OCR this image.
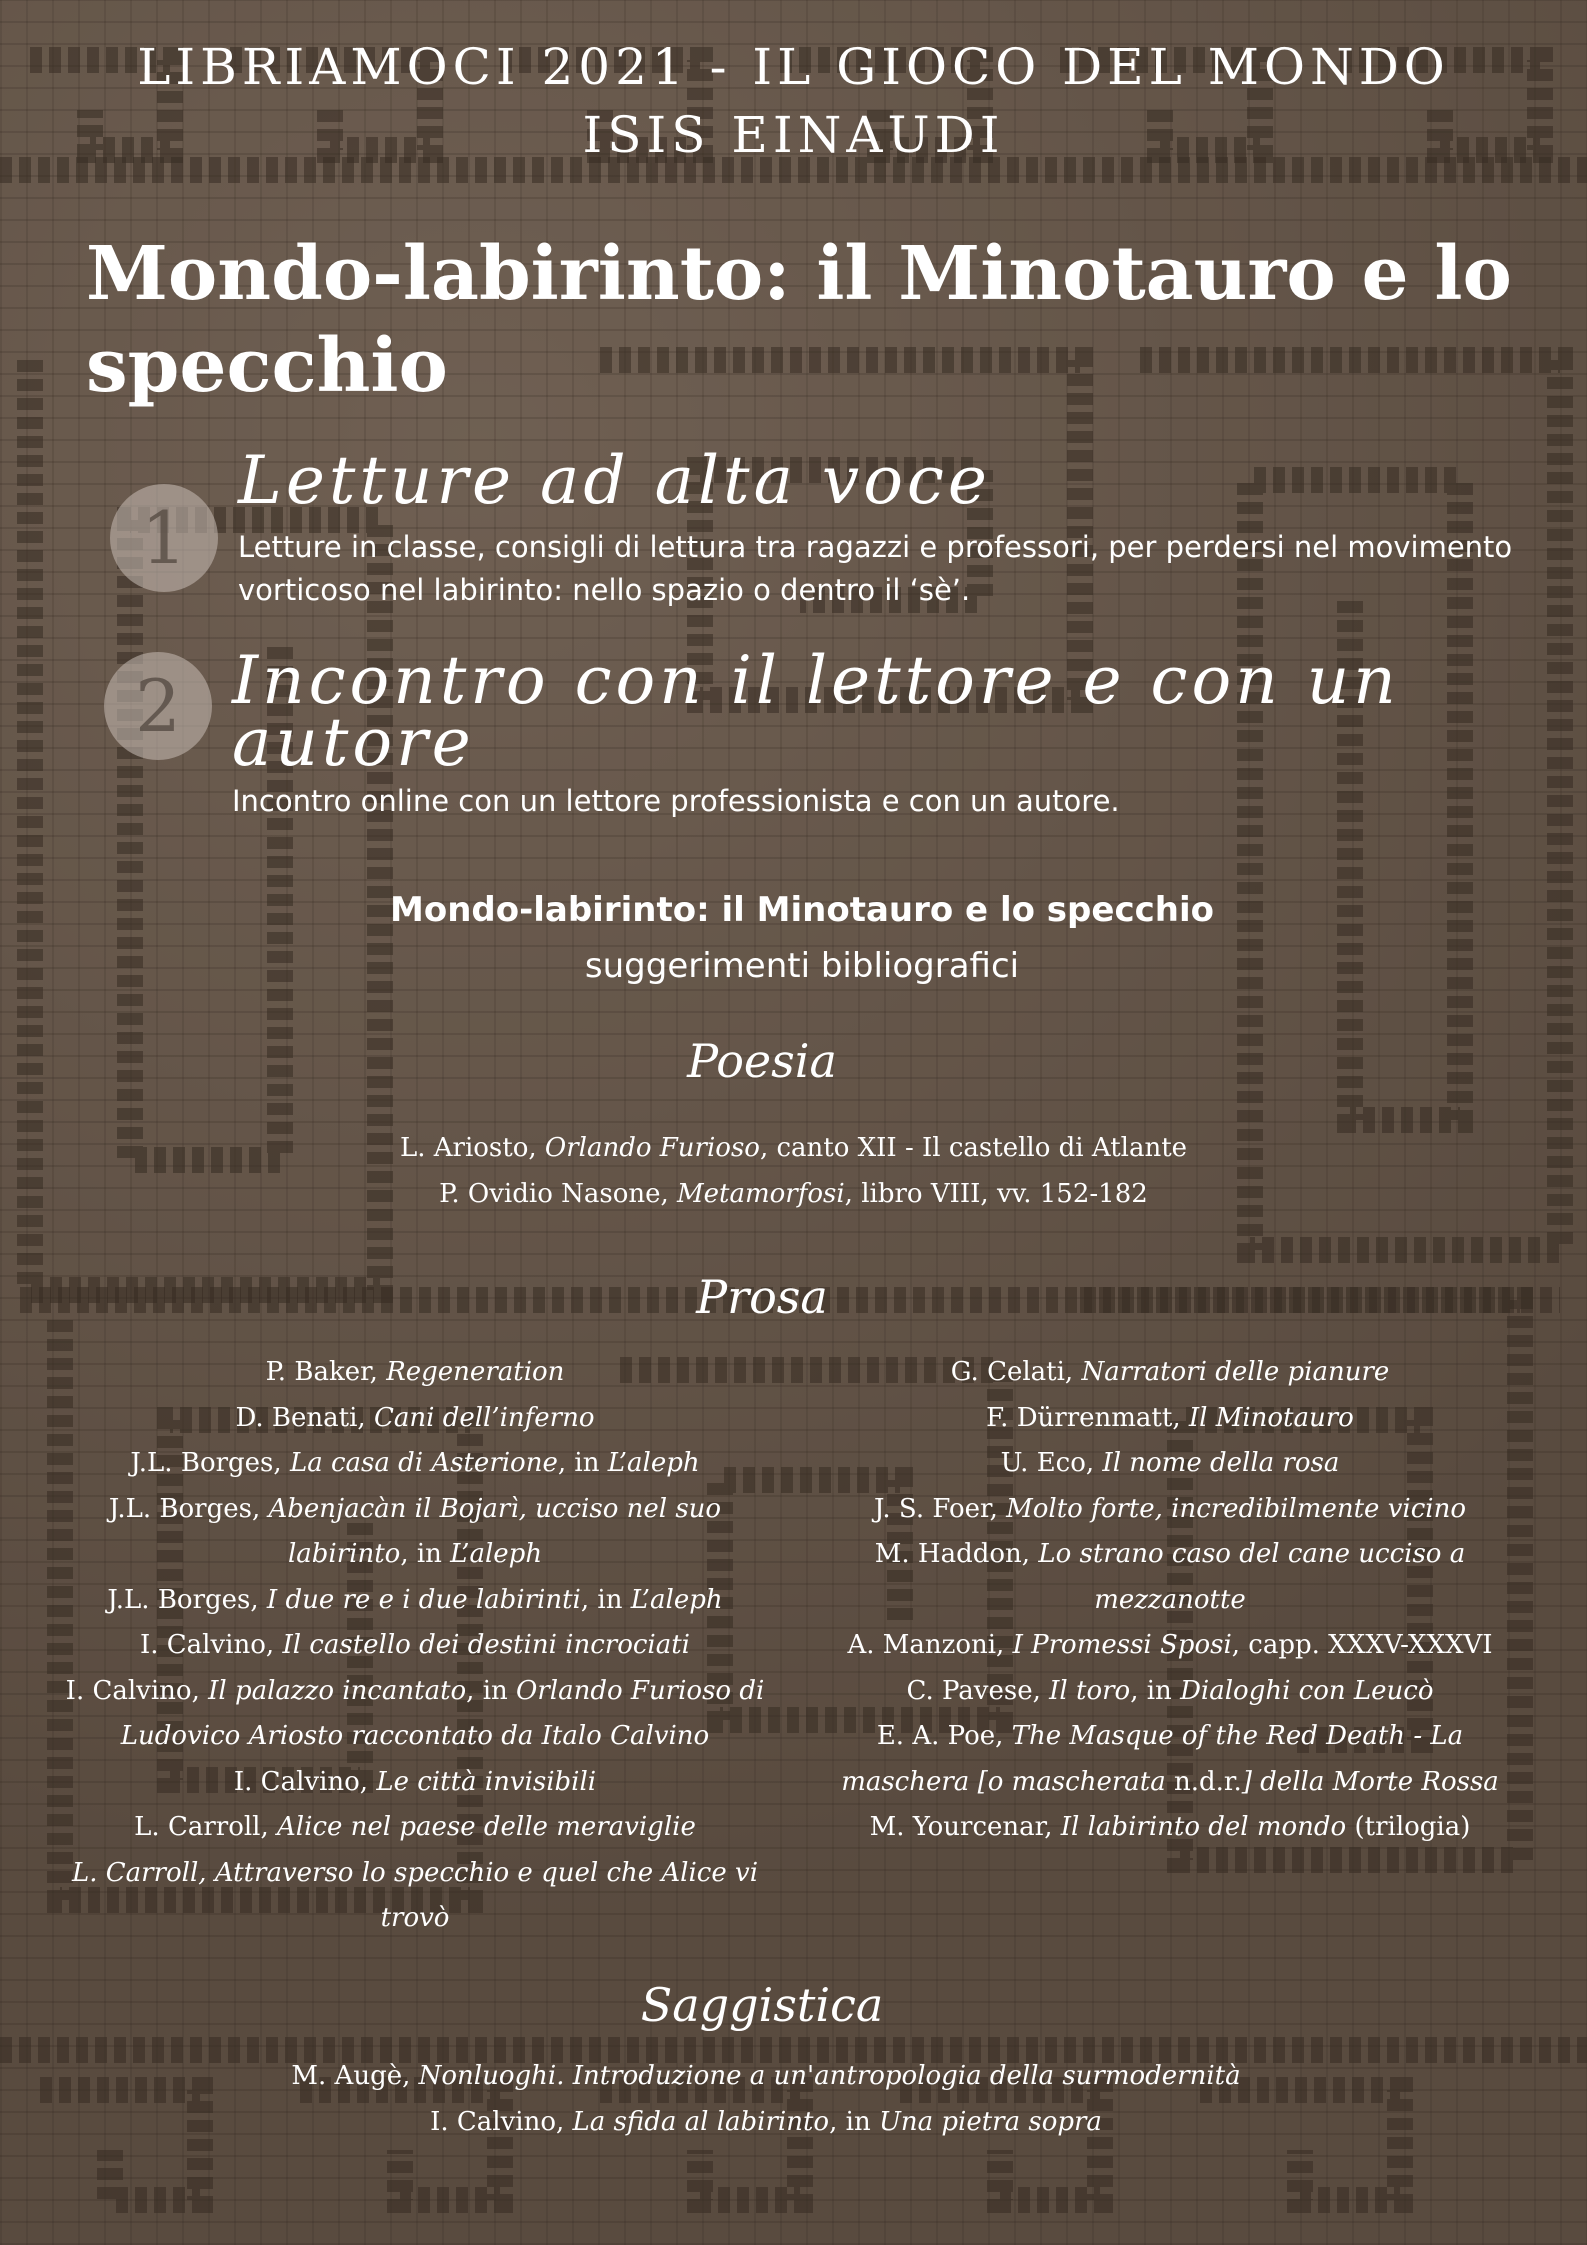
LIBRIAMOCI 2021 - IL GIOCO DEL MONDO
ISIS EINAUDI
Mondo-labirinto: il Minotauro e lo specchio
1
Letture ad alta voce
Letture in classe, consigli di lettura tra ragazzi e professori, per perdersi nel movimento vorticoso nel labirinto: nello spazio o dentro il ‘sè’.
2 Incontro con il lettore e con un autore
Incontro online con un lettore professionista e con un autore.
Mondo-labirinto: il Minotauro e lo specchio
suggerimenti bibliografici
Poesia

L. Ariosto, Orlando Furioso, canto XII - Il castello di Atlante

P. Ovidio Nasone, Metamorfosi, libro VIII, vv. 152-182

Prosa

P. Baker, Regeneration

D. Benati, Cani dell’inferno

J.L. Borges, La casa di Asterione, in L’aleph

J.L. Borges, Abenjacàn il Bojarì, ucciso nel suo labirinto, in L’aleph

J.L. Borges, I due re e i due labirinti, in L’aleph

I. Calvino, Il castello dei destini incrociati

I. Calvino, Il palazzo incantato, in Orlando Furioso di Ludovico Ariosto raccontato da Italo Calvino

I. Calvino, Le città invisibili

L. Carroll, Alice nel paese delle meraviglie

L. Carroll, Attraverso lo specchio e quel che Alice vi trovò

G. Celati, Narratori delle pianure

F. Dürrenmatt, Il Minotauro

U. Eco, Il nome della rosa

J. S. Foer, Molto forte, incredibilmente vicino

M. Haddon, Lo strano caso del cane ucciso a mezzanotte

A. Manzoni, I Promessi Sposi, capp. XXXV-XXXVI

C. Pavese, Il toro, in Dialoghi con Leucò

E. A. Poe, The Masque of the Red Death - La maschera [o mascherata n.d.r.] della Morte Rossa

M. Yourcenar, Il labirinto del mondo (trilogia)

Saggistica

M. Augè, Nonluoghi. Introduzione a un'antropologia della surmodernità

I. Calvino, La sfida al labirinto, in Una pietra sopra
